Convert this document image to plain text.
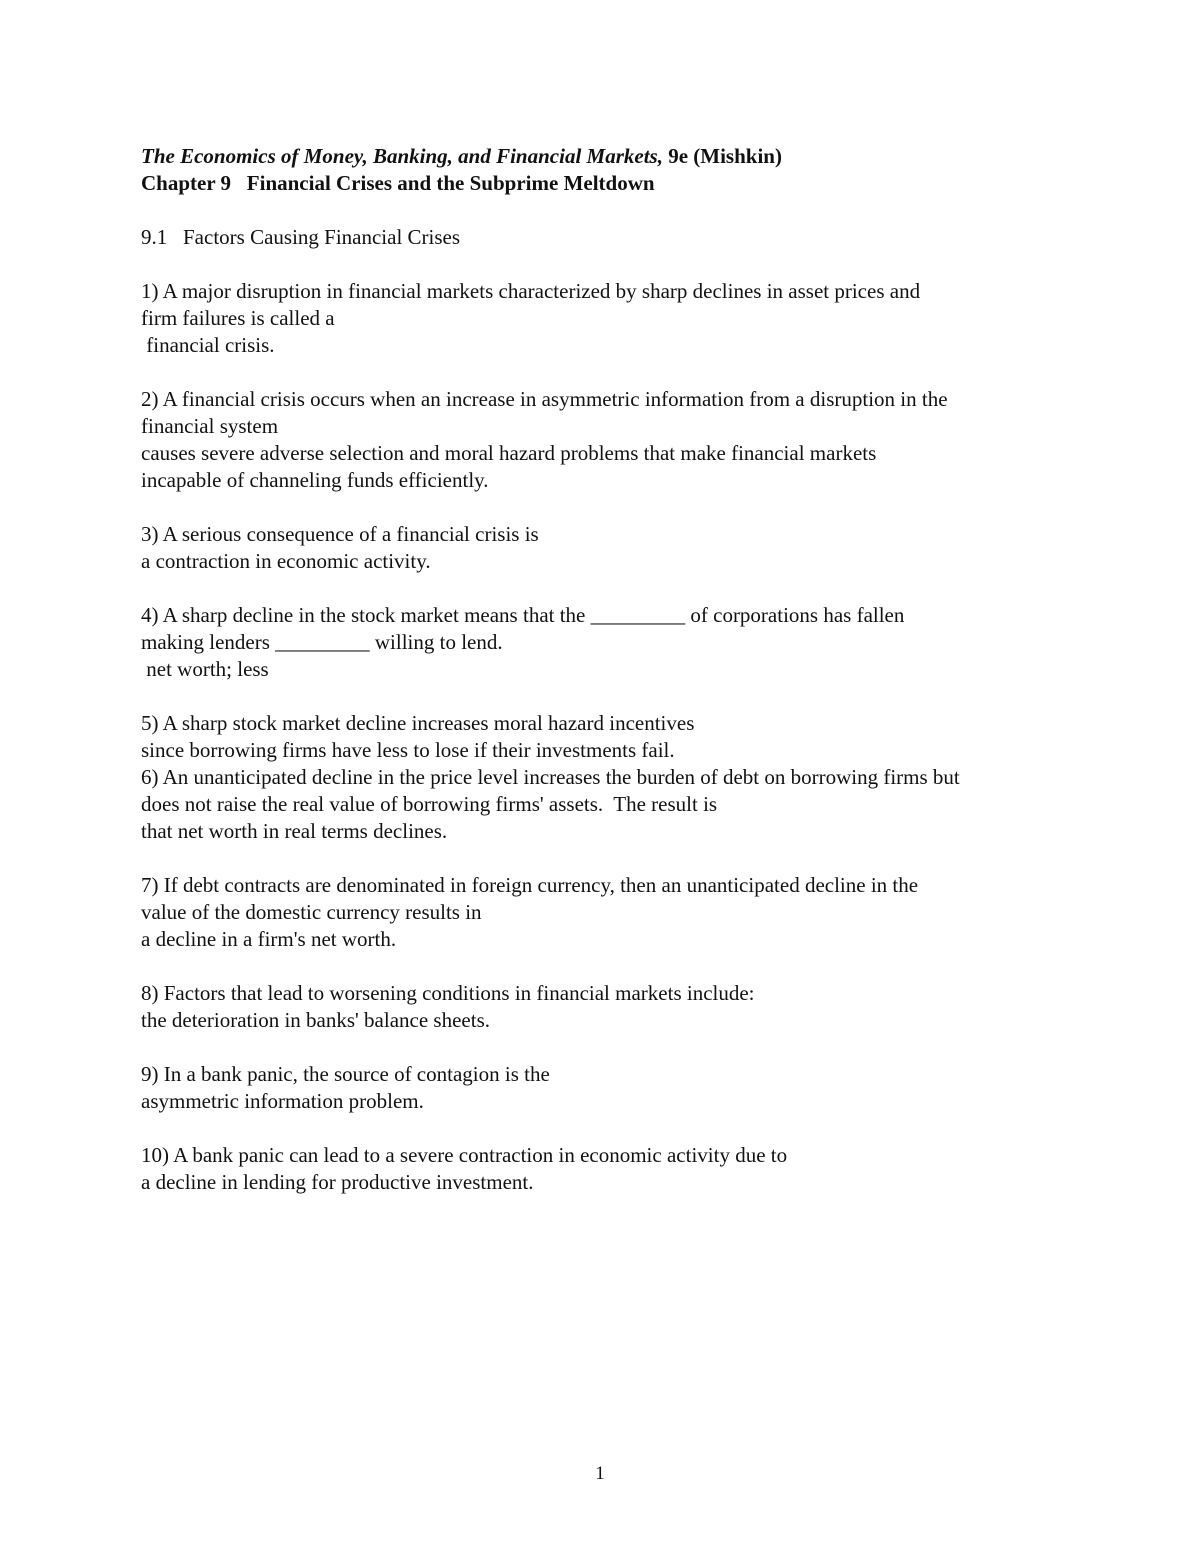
The Economics of Money, Banking, and Financial Markets, 9e (Mishkin)

Chapter 9   Financial Crises and the Subprime Meltdown

9.1   Factors Causing Financial Crises

1) A major disruption in financial markets characterized by sharp declines in asset prices and

firm failures is called a

financial crisis.

2) A financial crisis occurs when an increase in asymmetric information from a disruption in the

financial system

causes severe adverse selection and moral hazard problems that make financial markets

incapable of channeling funds efficiently.

3) A serious consequence of a financial crisis is

a contraction in economic activity.

4) A sharp decline in the stock market means that the _________ of corporations has fallen

making lenders _________ willing to lend.

net worth; less

5) A sharp stock market decline increases moral hazard incentives

since borrowing firms have less to lose if their investments fail.

6) An unanticipated decline in the price level increases the burden of debt on borrowing firms but

does not raise the real value of borrowing firms' assets.  The result is

that net worth in real terms declines.

7) If debt contracts are denominated in foreign currency, then an unanticipated decline in the

value of the domestic currency results in

a decline in a firm's net worth.

8) Factors that lead to worsening conditions in financial markets include:

the deterioration in banks' balance sheets.

9) In a bank panic, the source of contagion is the

asymmetric information problem.

10) A bank panic can lead to a severe contraction in economic activity due to

a decline in lending for productive investment.

1
